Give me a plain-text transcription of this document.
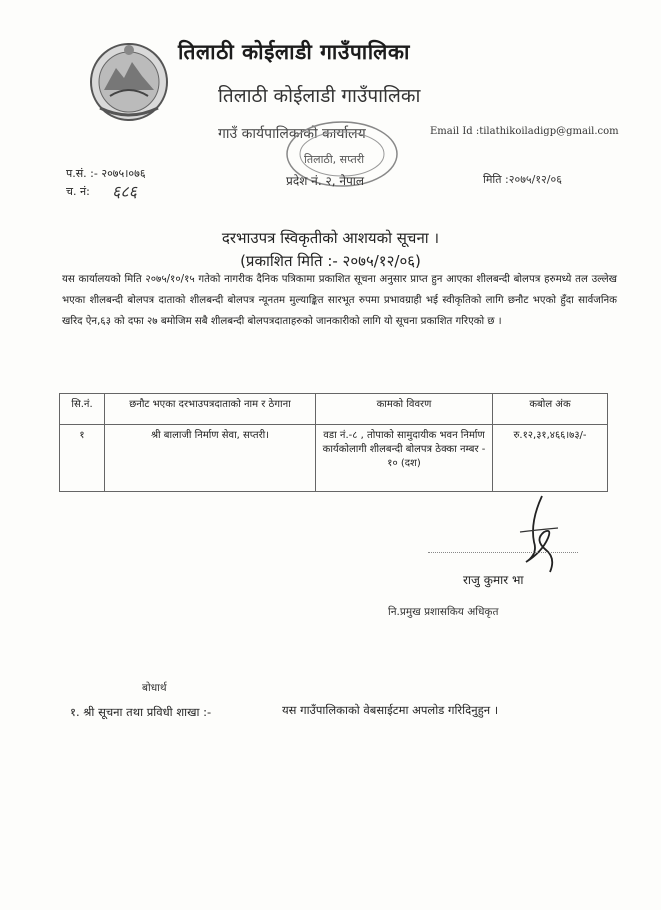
तिलाठी कोईलाडी गाउँपालिका
तिलाठी कोईलाडी गाउँपालिका
गाउँ कार्यपालिकाको कार्यालय	Email Id :tilathikoiladigp@gmail.com
तिलाठी, सप्तरी
प.सं. :- २०७५।०७६
च. नं: ६८६
प्रदेश नं. २, नेपाल	मिति :२०७५/१२/०६
दरभाउपत्र स्विकृतीको आशयको सूचना ।
(प्रकाशित मिति :- २०७५/१२/०६)
यस कार्यालयको मिति २०७५/१०/१५ गतेको नागरीक दैनिक पत्रिकामा प्रकाशित सूचना अनुसार प्राप्त हुन आएका शीलबन्दी बोलपत्र हरुमध्ये तल उल्लेख भएका शीलबन्दी बोलपत्र दाताको शीलबन्दी बोलपत्र न्यूनतम मुल्याङ्कित सारभूत रुपमा प्रभावग्राही भई स्वीकृतिको लागि छनौट भएको हुँदा सार्वजनिक खरिद ऐन,६३ को दफा २७ बमोजिम सबै शीलबन्दी बोलपत्रदाताहरुको जानकारीको लागि यो सूचना प्रकाशित गरिएको छ ।
सि.नं.	छनौट भएका दरभाउपत्रदाताको नाम र ठेगाना	कामको विवरण	कबोल अंक
१	श्री बालाजी निर्माण सेवा, सप्तरी।	वडा नं.-८ , तोपाको सामुदायीक भवन निर्माण कार्यकोलागी शीलबन्दी बोलपत्र ठेक्का नम्बर - १० (दश)	रु.१२,३१,४६६।७३/-
राजु कुमार भा
नि.प्रमुख प्रशासकिय अधिकृत
बोधार्थ
१. श्री सूचना तथा प्रविधी शाखा :-	यस गाउँपालिकाको वेबसाईटमा अपलोड गरिदिनुहुन ।
